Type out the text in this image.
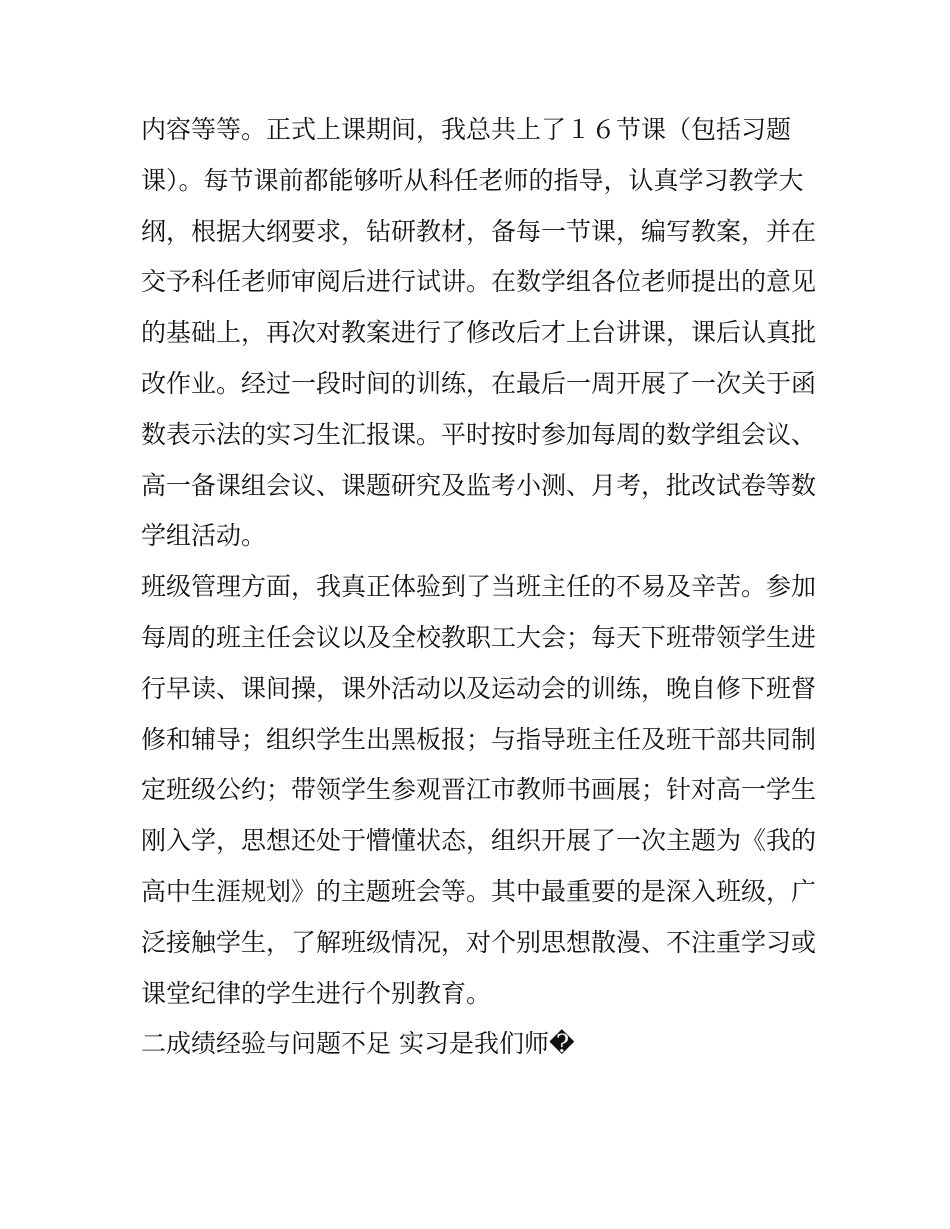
内容等等。正式上课期间，我总共上了１６节课（包括习题
课）。每节课前都能够听从科任老师的指导，认真学习教学大
纲，根据大纲要求，钻研教材，备每一节课，编写教案，并在
交予科任老师审阅后进行试讲。在数学组各位老师提出的意见
的基础上，再次对教案进行了修改后才上台讲课，课后认真批
改作业。经过一段时间的训练，在最后一周开展了一次关于函
数表示法的实习生汇报课。平时按时参加每周的数学组会议、
高一备课组会议、课题研究及监考小测、月考，批改试卷等数
学组活动。
班级管理方面，我真正体验到了当班主任的不易及辛苦。参加
每周的班主任会议以及全校教职工大会；每天下班带领学生进
行早读、课间操，课外活动以及运动会的训练，晚自修下班督
修和辅导；组织学生出黑板报；与指导班主任及班干部共同制
定班级公约；带领学生参观晋江市教师书画展；针对高一学生
刚入学，思想还处于懵懂状态，组织开展了一次主题为《我的
高中生涯规划》的主题班会等。其中最重要的是深入班级，广
泛接触学生，了解班级情况，对个别思想散漫、不注重学习或
课堂纪律的学生进行个别教育。
二成绩经验与问题不足 实习是我们师�
